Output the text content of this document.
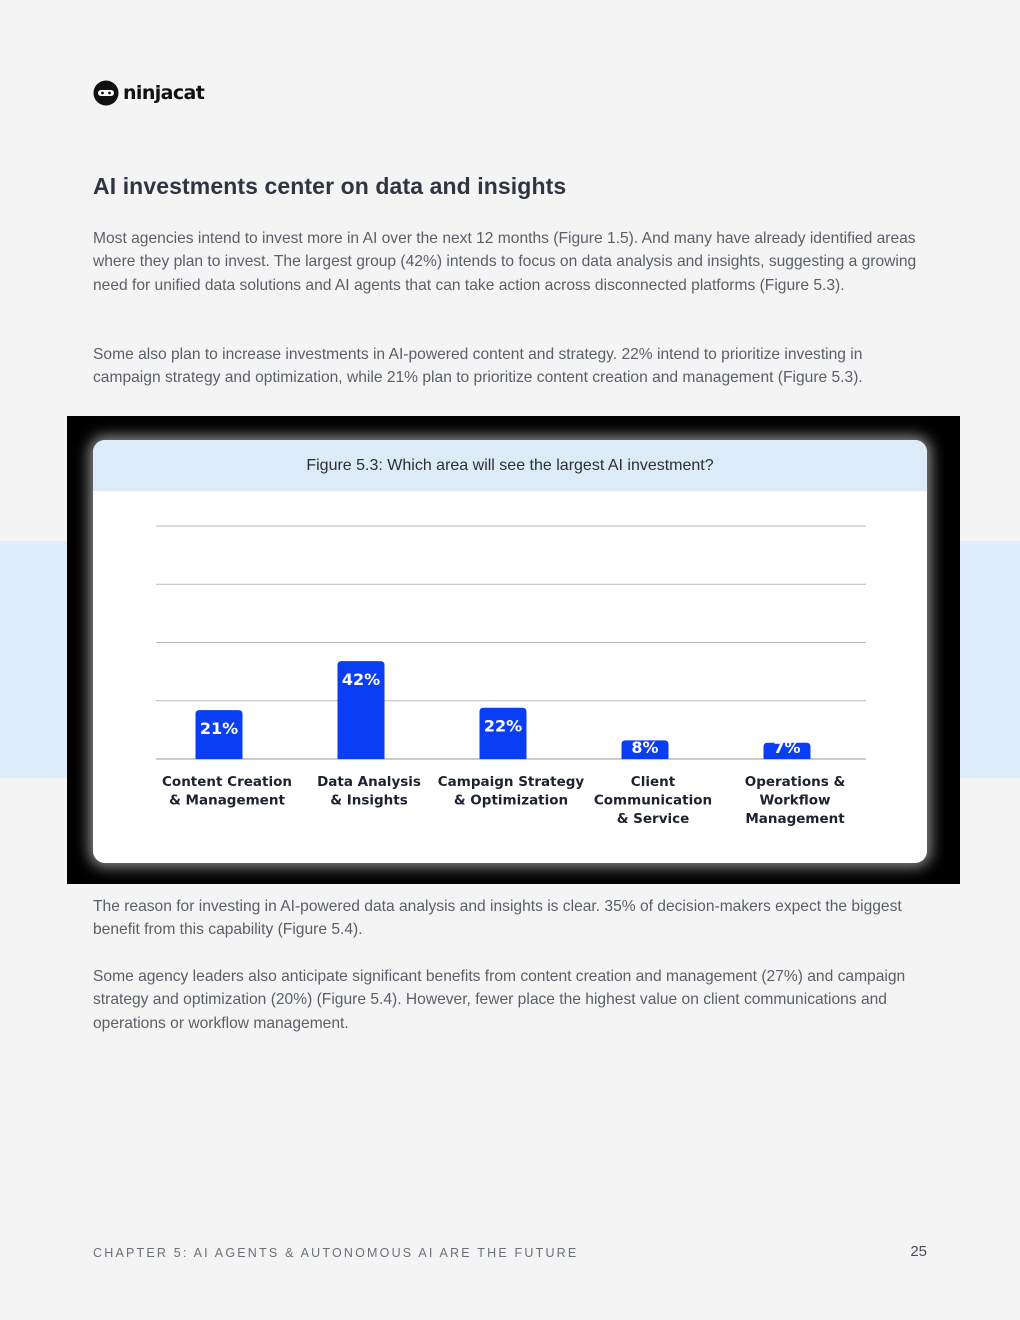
ninjacat
AI investments center on data and insights

Most agencies intend to invest more in AI over the next 12 months (Figure 1.5). And many have already identified areas where they plan to invest. The largest group (42%) intends to focus on data analysis and insights, suggesting a growing need for unified data solutions and AI agents that can take action across disconnected platforms (Figure 5.3).

Some also plan to increase investments in AI-powered content and strategy. 22% intend to prioritize investing in campaign strategy and optimization, while 21% plan to prioritize content creation and management (Figure 5.3).

Figure 5.3: Which area will see the largest AI investment?
21%
Content Creation & Management
42%
Data Analysis & Insights
22%
Campaign Strategy & Optimization
8%
Client Communication & Service
7%
Operations & Workflow Management

The reason for investing in AI-powered data analysis and insights is clear. 35% of decision-makers expect the biggest benefit from this capability (Figure 5.4).

Some agency leaders also anticipate significant benefits from content creation and management (27%) and campaign strategy and optimization (20%) (Figure 5.4). However, fewer place the highest value on client communications and operations or workflow management.

CHAPTER 5: AI AGENTS & AUTONOMOUS AI ARE THE FUTURE	25
